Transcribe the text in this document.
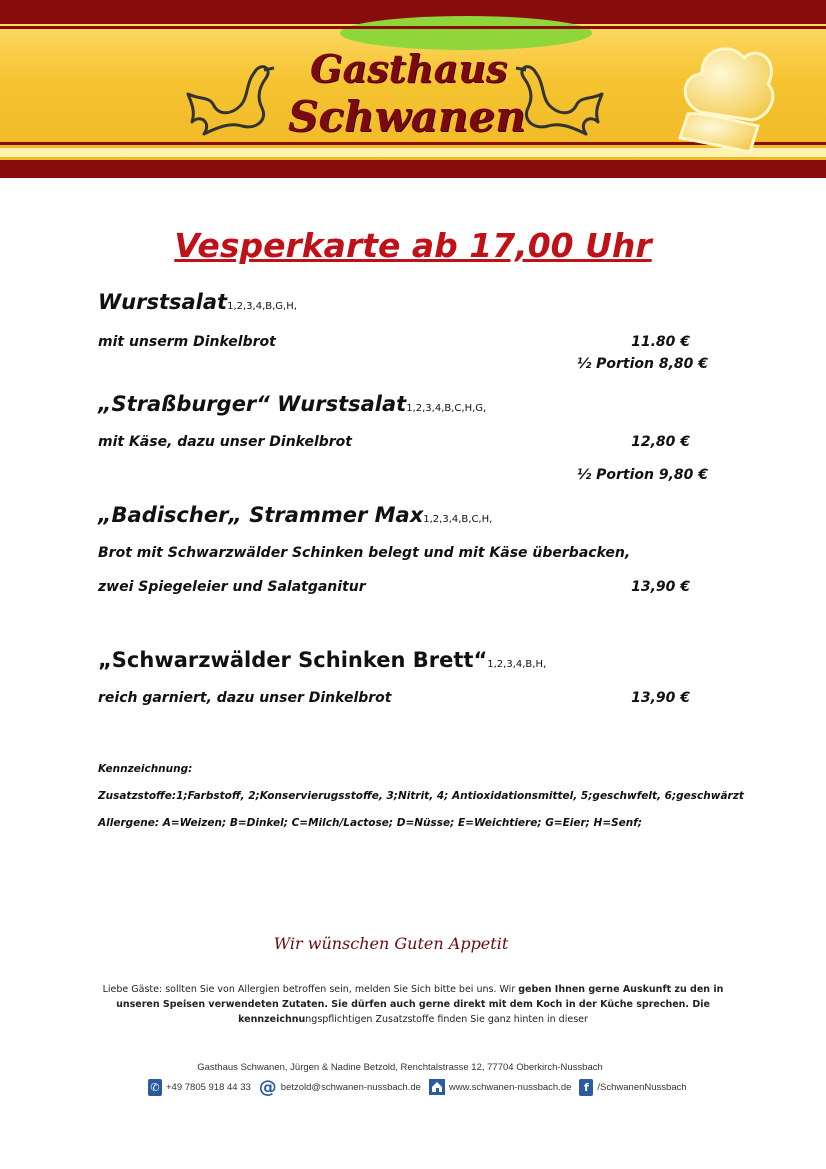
Gasthaus
Schwanen
Vesperkarte ab 17,00 Uhr
Wurstsalat1,2,3,4,B,G,H,
mit unserm Dinkelbrot	11.80 €
½ Portion 8,80 €
„Straßburger“ Wurstsalat1,2,3,4,B,C,H,G,
mit Käse, dazu unser Dinkelbrot	12,80 €
½ Portion 9,80 €
„Badischer„ Strammer Max1,2,3,4,B,C,H,
Brot mit Schwarzwälder Schinken belegt und mit Käse überbacken,
zwei Spiegeleier und Salatganitur	13,90 €
„Schwarzwälder Schinken Brett“1,2,3,4,B,H,
reich garniert, dazu unser Dinkelbrot	13,90 €
Kennzeichnung:
Zusatzstoffe:1;Farbstoff, 2;Konservierugsstoffe, 3;Nitrit, 4; Antioxidationsmittel, 5;geschwfelt, 6;geschwärzt
Allergene: A=Weizen; B=Dinkel; C=Milch/Lactose; D=Nüsse; E=Weichtiere; G=Eier; H=Senf;
Wir wünschen Guten Appetit
Liebe Gäste: sollten Sie von Allergien betroffen sein, melden Sie Sich bitte bei uns. Wir geben Ihnen gerne Auskunft zu den in unseren Speisen verwendeten Zutaten. Sie dürfen auch gerne direkt mit dem Koch in der Küche sprechen. Die kennzeichnungspflichtigen Zusatzstoffe finden Sie ganz hinten in dieser
Gasthaus Schwanen, Jürgen & Nadine Betzold, Renchtalstrasse 12, 77704 Oberkirch-Nussbach
✆ +49 7805 918 44 33 @ betzold@schwanen-nussbach.de	www.schwanen-nussbach.de	f /SchwanenNussbach
